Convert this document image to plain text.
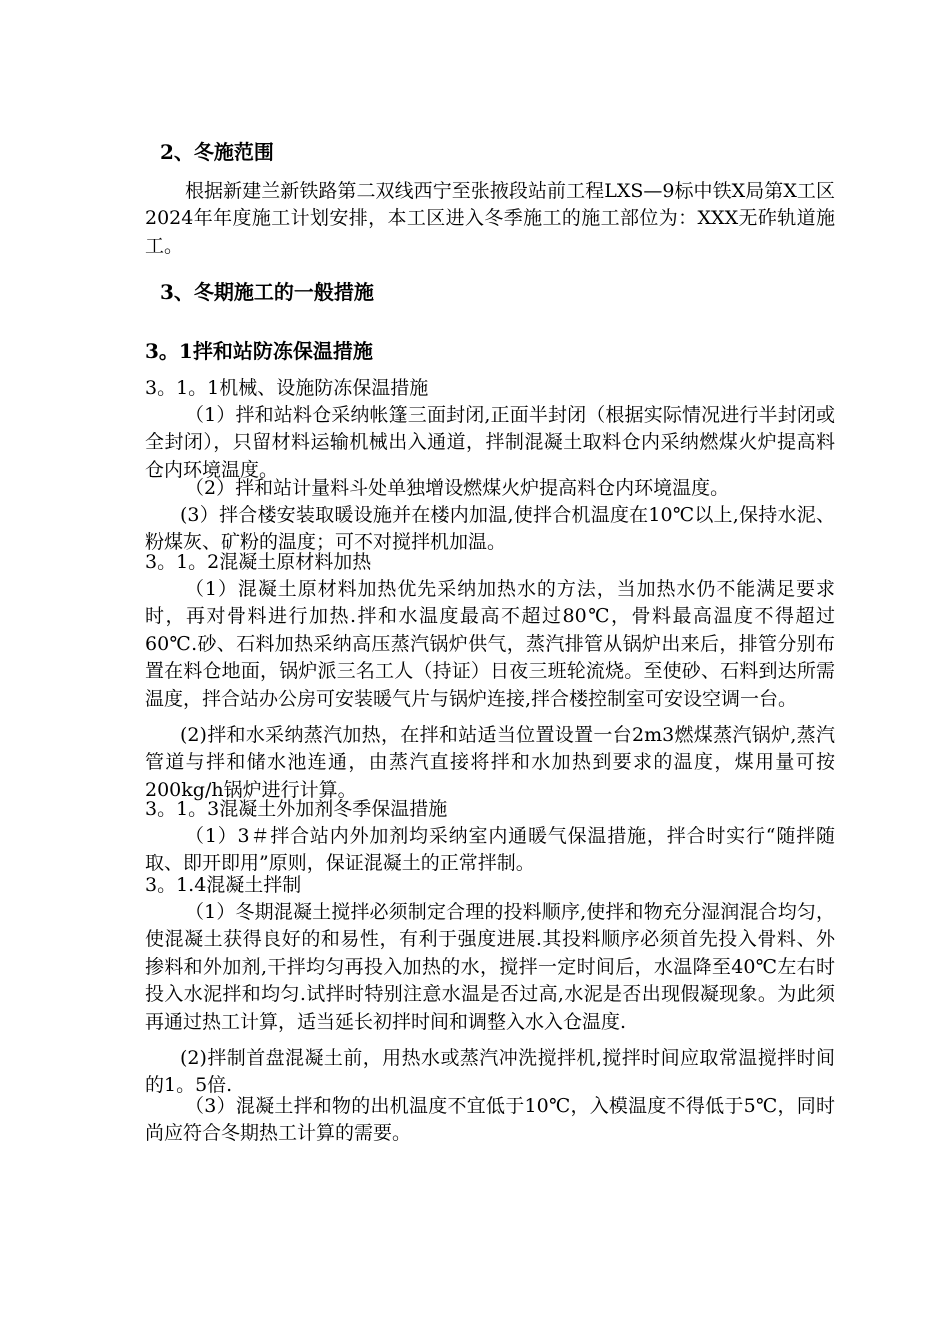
2、冬施范围

根据新建兰新铁路第二双线西宁至张掖段站前工程LXS—9标中铁X局第X工区2024年年度施工计划安排，本工区进入冬季施工的施工部位为：XXX无砟轨道施工。

3、冬期施工的一般措施
3。1拌和站防冻保温措施
3。1。1机械、设施防冻保温措施

（1）拌和站料仓采纳帐篷三面封闭,正面半封闭（根据实际情况进行半封闭或全封闭），只留材料运输机械出入通道，拌制混凝土取料仓内采纳燃煤火炉提高料仓内环境温度。

（2）拌和站计量料斗处单独增设燃煤火炉提高料仓内环境温度。

(3）拌合楼安装取暖设施并在楼内加温,使拌合机温度在10℃以上,保持水泥、粉煤灰、矿粉的温度；可不对搅拌机加温。

3。1。2混凝土原材料加热

（1）混凝土原材料加热优先采纳加热水的方法，当加热水仍不能满足要求时，再对骨料进行加热.拌和水温度最高不超过80℃，骨料最高温度不得超过60℃.砂、石料加热采纳高压蒸汽锅炉供气，蒸汽排管从锅炉出来后，排管分别布置在料仓地面，锅炉派三名工人（持证）日夜三班轮流烧。至使砂、石料到达所需温度，拌合站办公房可安装暖气片与锅炉连接,拌合楼控制室可安设空调一台。

(2)拌和水采纳蒸汽加热，在拌和站适当位置设置一台2m3燃煤蒸汽锅炉,蒸汽管道与拌和储水池连通，由蒸汽直接将拌和水加热到要求的温度，煤用量可按200kg/h锅炉进行计算。

3。1。3混凝土外加剂冬季保温措施

（1）3＃拌合站内外加剂均采纳室内通暖气保温措施，拌合时实行“随拌随取、即开即用”原则，保证混凝土的正常拌制。

3。1.4混凝土拌制

（1）冬期混凝土搅拌必须制定合理的投料顺序,使拌和物充分湿润混合均匀，使混凝土获得良好的和易性，有利于强度进展.其投料顺序必须首先投入骨料、外掺料和外加剂,干拌均匀再投入加热的水，搅拌一定时间后，水温降至40℃左右时投入水泥拌和均匀.试拌时特别注意水温是否过高,水泥是否出现假凝现象。为此须再通过热工计算，适当延长初拌时间和调整入水入仓温度.

(2)拌制首盘混凝土前，用热水或蒸汽冲洗搅拌机,搅拌时间应取常温搅拌时间的1。5倍.

（3）混凝土拌和物的出机温度不宜低于10℃，入模温度不得低于5℃，同时尚应符合冬期热工计算的需要。
